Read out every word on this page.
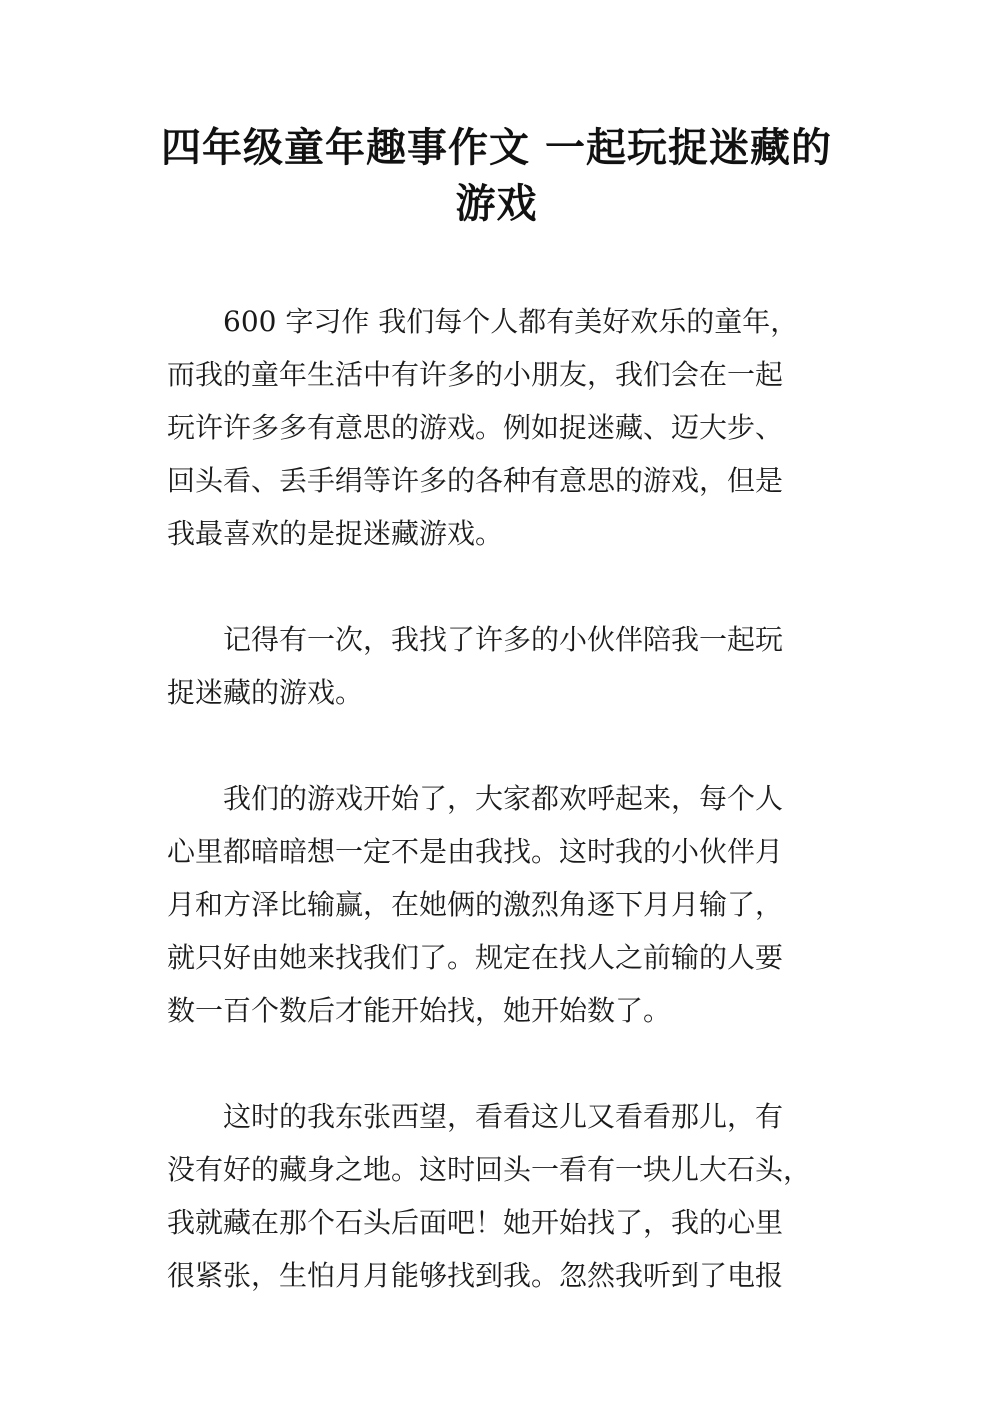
四年级童年趣事作文 一起玩捉迷藏的
游戏

600 字习作 我们每个人都有美好欢乐的童年，
而我的童年生活中有许多的小朋友，我们会在一起
玩许许多多有意思的游戏。例如捉迷藏、迈大步、
回头看、丢手绢等许多的各种有意思的游戏，但是
我最喜欢的是捉迷藏游戏。

记得有一次，我找了许多的小伙伴陪我一起玩
捉迷藏的游戏。

我们的游戏开始了，大家都欢呼起来，每个人
心里都暗暗想一定不是由我找。这时我的小伙伴月
月和方泽比输赢，在她俩的激烈角逐下月月输了，
就只好由她来找我们了。规定在找人之前输的人要
数一百个数后才能开始找，她开始数了。

这时的我东张西望，看看这儿又看看那儿，有
没有好的藏身之地。这时回头一看有一块儿大石头，
我就藏在那个石头后面吧！她开始找了，我的心里
很紧张，生怕月月能够找到我。忽然我听到了电报
